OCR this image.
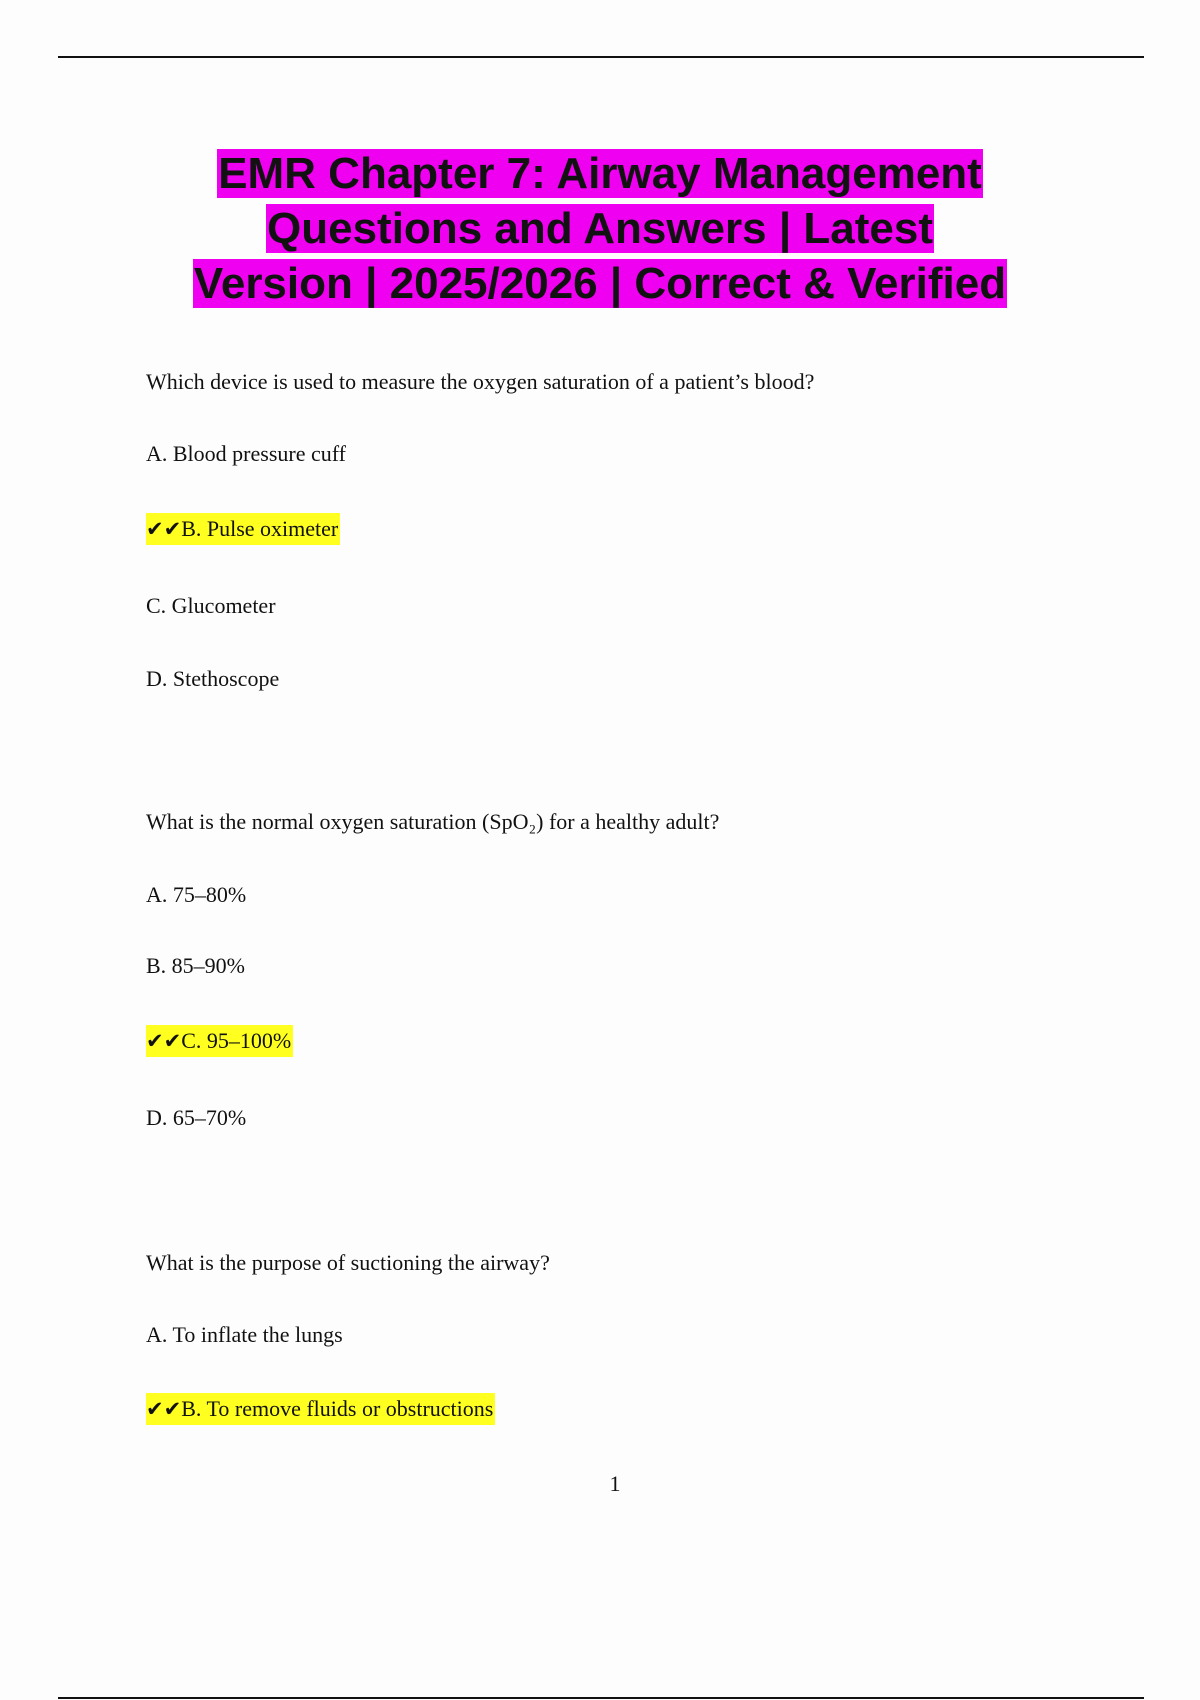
EMR Chapter 7: Airway Management
Questions and Answers | Latest
Version | 2025/2026 | Correct & Verified
Which device is used to measure the oxygen saturation of a patient’s blood?
A. Blood pressure cuff
✔✔B. Pulse oximeter
C. Glucometer
D. Stethoscope
What is the normal oxygen saturation (SpO₂) for a healthy adult?
A. 75–80%
B. 85–90%
✔✔C. 95–100%
D. 65–70%
What is the purpose of suctioning the airway?
A. To inflate the lungs
✔✔B. To remove fluids or obstructions
1
